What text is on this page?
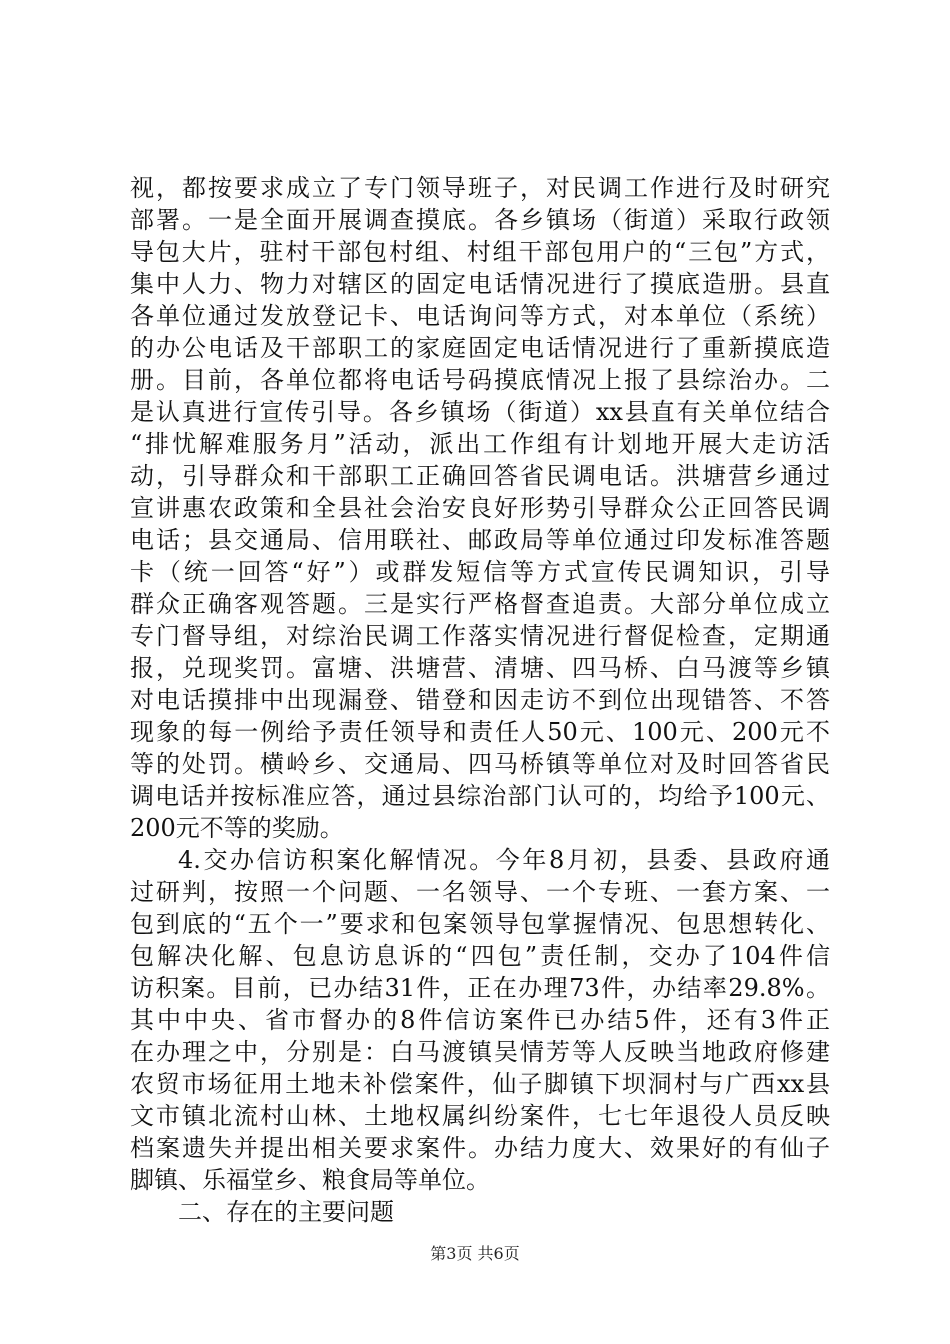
视，都按要求成立了专门领导班子，对民调工作进行及时研究
部署。一是全面开展调查摸底。各乡镇场（街道）采取行政领
导包大片，驻村干部包村组、村组干部包用户的“三包”方式，
集中人力、物力对辖区的固定电话情况进行了摸底造册。县直
各单位通过发放登记卡、电话询问等方式，对本单位（系统）
的办公电话及干部职工的家庭固定电话情况进行了重新摸底造
册。目前，各单位都将电话号码摸底情况上报了县综治办。二
是认真进行宣传引导。各乡镇场（街道）xx县直有关单位结合
“排忧解难服务月”活动，派出工作组有计划地开展大走访活
动，引导群众和干部职工正确回答省民调电话。洪塘营乡通过
宣讲惠农政策和全县社会治安良好形势引导群众公正回答民调
电话；县交通局、信用联社、邮政局等单位通过印发标准答题
卡（统一回答“好”）或群发短信等方式宣传民调知识，引导
群众正确客观答题。三是实行严格督查追责。大部分单位成立
专门督导组，对综治民调工作落实情况进行督促检查，定期通
报，兑现奖罚。富塘、洪塘营、清塘、四马桥、白马渡等乡镇
对电话摸排中出现漏登、错登和因走访不到位出现错答、不答
现象的每一例给予责任领导和责任人50元、100元、200元不
等的处罚。横岭乡、交通局、四马桥镇等单位对及时回答省民
调电话并按标准应答，通过县综治部门认可的，均给予100元、
200元不等的奖励。
4.交办信访积案化解情况。今年8月初，县委、县政府通
过研判，按照一个问题、一名领导、一个专班、一套方案、一
包到底的“五个一”要求和包案领导包掌握情况、包思想转化、
包解决化解、包息访息诉的“四包”责任制，交办了104件信
访积案。目前，已办结31件，正在办理73件，办结率29.8%。
其中中央、省市督办的8件信访案件已办结5件，还有3件正
在办理之中，分别是：白马渡镇吴情芳等人反映当地政府修建
农贸市场征用土地未补偿案件，仙子脚镇下坝洞村与广西xx县
文市镇北流村山林、土地权属纠纷案件，七七年退役人员反映
档案遗失并提出相关要求案件。办结力度大、效果好的有仙子
脚镇、乐福堂乡、粮食局等单位。
二、存在的主要问题
第3页 共6页
